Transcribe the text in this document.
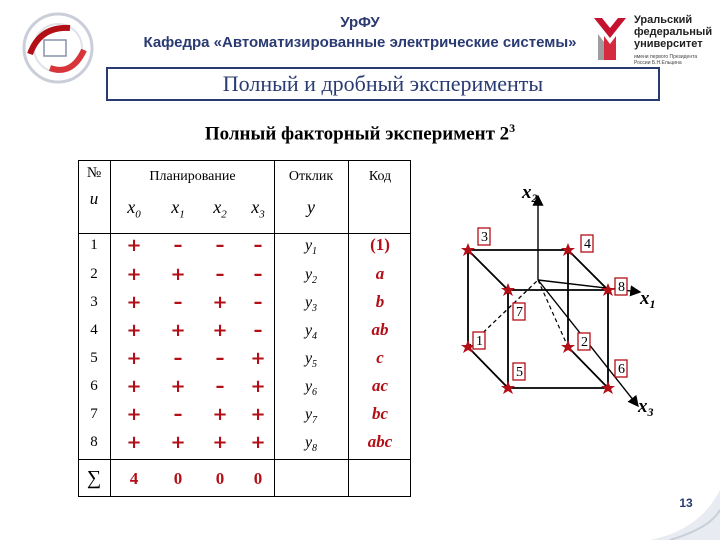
УрФУ
Кафедра «Автоматизированные электрические системы»
Уральский
федеральный
университет
имени первого Президента России Б.Н.Ельцина
Полный и дробный эксперименты
Полный факторный эксперимент $2^3$
№
u
Планирование	Отклик	Код
$x_0$	$x_1$	$x_2$	$x_3$	y
1	+	–	–	–	$y_1$	(1)
2	+	+	–	–	$y_2$	a
3	+	–	+	–	$y_3$	b
4	+	+	+	–	$y_4$	ab
5	+	–	–	+	$y_5$	c
6	+	+	–	+	$y_6$	ac
7	+	–	+	+	$y_7$	bc
8	+	+	+	+	$y_8$	abc
∑	4	0	0	0
1	2
3	4
5	6
7
8
$x_2$
$x_1$
$x_3$
13
